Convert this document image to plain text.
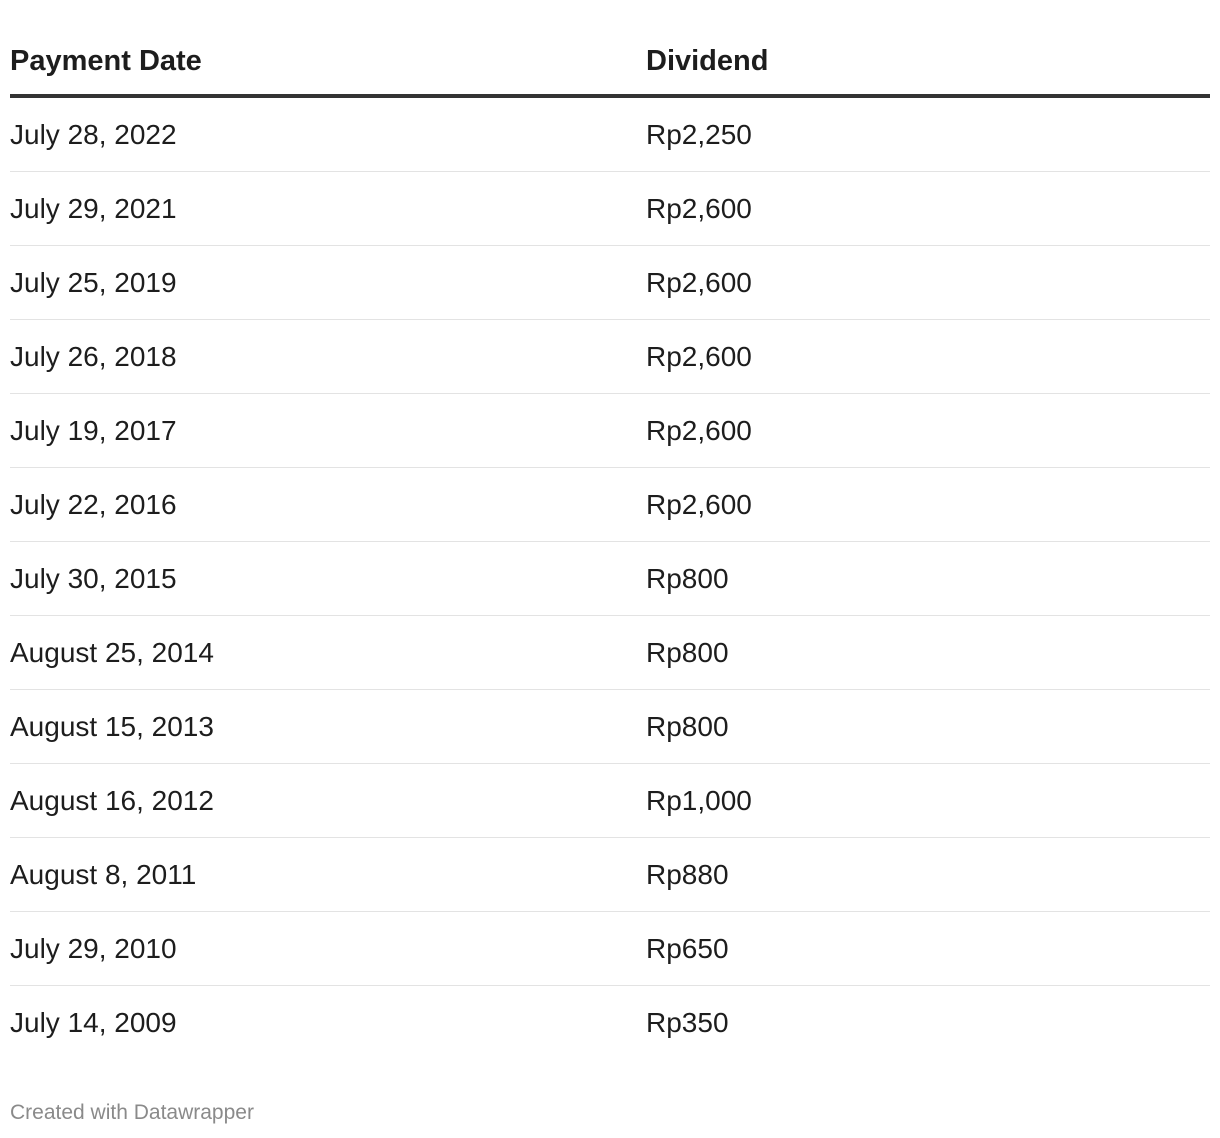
Payment Date	Dividend
July 28, 2022	Rp2,250
July 29, 2021	Rp2,600
July 25, 2019	Rp2,600
July 26, 2018	Rp2,600
July 19, 2017	Rp2,600
July 22, 2016	Rp2,600
July 30, 2015	Rp800
August 25, 2014	Rp800
August 15, 2013	Rp800
August 16, 2012	Rp1,000
August 8, 2011	Rp880
July 29, 2010	Rp650
July 14, 2009	Rp350
Created with Datawrapper
